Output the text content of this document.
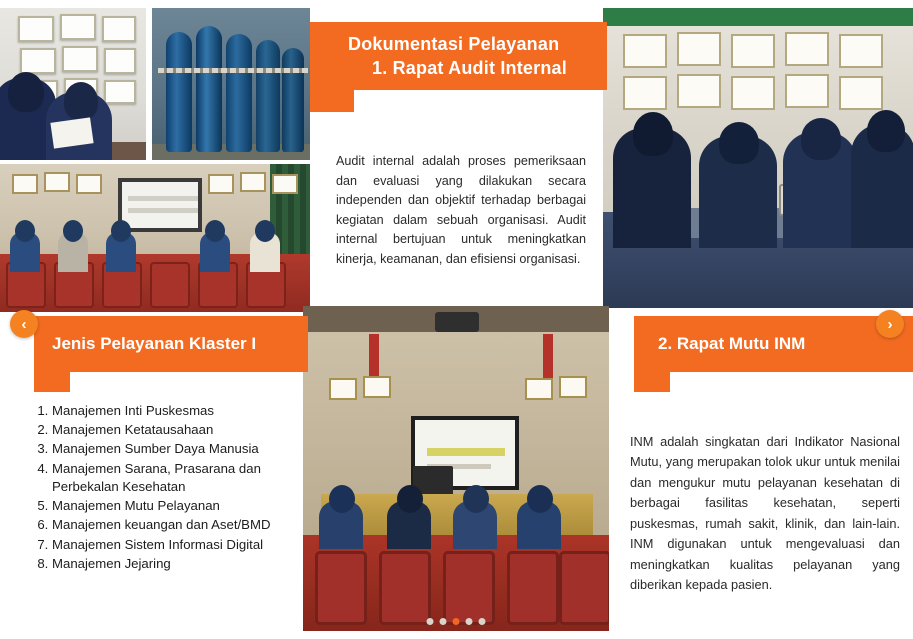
Dokumentasi Pelayanan
1. Rapat Audit Internal
Audit internal adalah proses pemeriksaan dan evaluasi yang dilakukan secara independen dan objektif terhadap berbagai kegiatan dalam sebuah organisasi. Audit internal bertujuan untuk meningkatkan kinerja, keamanan, dan efisiensi organisasi.
Jenis Pelayanan Klaster I
1. Manajemen Inti Puskesmas
2. Manajemen Ketatausahaan
3. Manajemen Sumber Daya Manusia
4. Manajemen Sarana, Prasarana dan Perbekalan Kesehatan
5. Manajemen Mutu Pelayanan
6. Manajemen keuangan dan Aset/BMD
7. Manajemen Sistem Informasi Digital
8. Manajemen Jejaring
2. Rapat Mutu INM
INM adalah singkatan dari Indikator Nasional Mutu, yang merupakan tolok ukur untuk menilai dan mengukur mutu pelayanan kesehatan di berbagai fasilitas kesehatan, seperti puskesmas, rumah sakit, klinik, dan lain-lain. INM digunakan untuk mengevaluasi dan meningkatkan kualitas pelayanan yang diberikan kepada pasien.
‹	›
